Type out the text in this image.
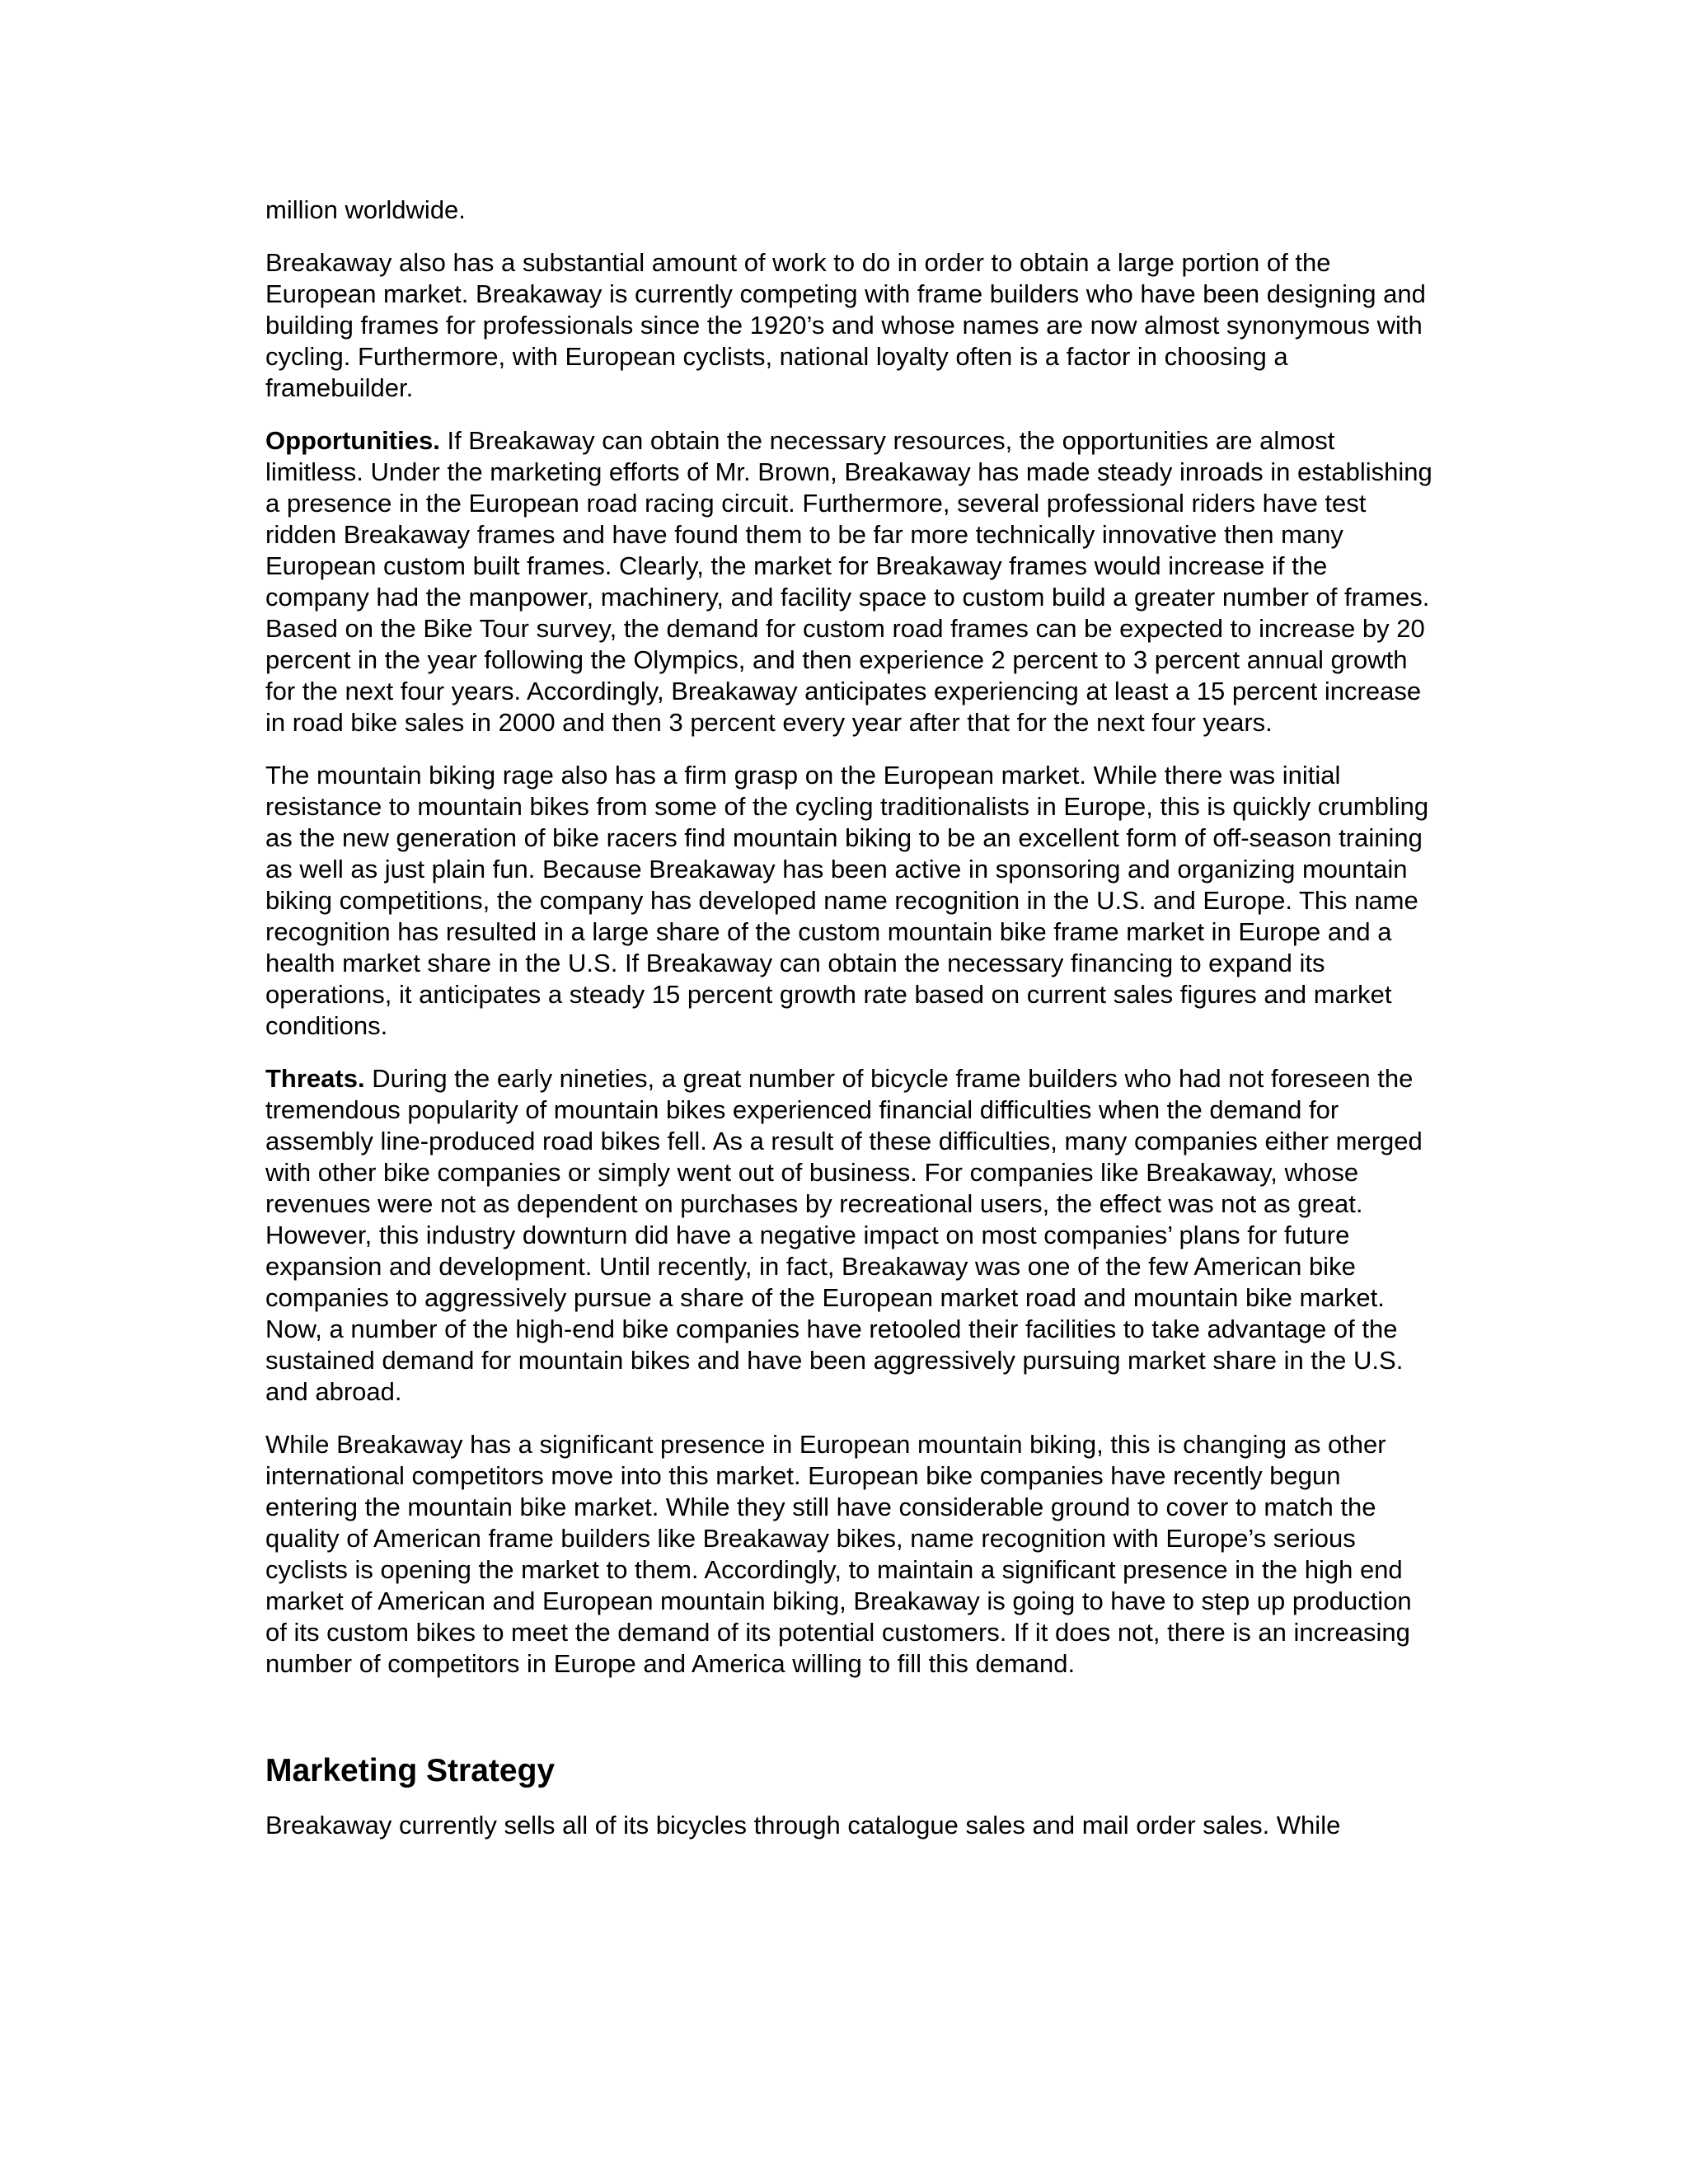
million worldwide.

Breakaway also has a substantial amount of work to do in order to obtain a large portion of the European market. Breakaway is currently competing with frame builders who have been designing and building frames for professionals since the 1920’s and whose names are now almost synonymous with cycling. Furthermore, with European cyclists, national loyalty often is a factor in choosing a framebuilder.

Opportunities. If Breakaway can obtain the necessary resources, the opportunities are almost limitless. Under the marketing efforts of Mr. Brown, Breakaway has made steady inroads in establishing a presence in the European road racing circuit. Furthermore, several professional riders have test ridden Breakaway frames and have found them to be far more technically innovative then many European custom built frames. Clearly, the market for Breakaway frames would increase if the company had the manpower, machinery, and facility space to custom build a greater number of frames. Based on the Bike Tour survey, the demand for custom road frames can be expected to increase by 20 percent in the year following the Olympics, and then experience 2 percent to 3 percent annual growth for the next four years. Accordingly, Breakaway anticipates experiencing at least a 15 percent increase in road bike sales in 2000 and then 3 percent every year after that for the next four years.

The mountain biking rage also has a firm grasp on the European market. While there was initial resistance to mountain bikes from some of the cycling traditionalists in Europe, this is quickly crumbling as the new generation of bike racers find mountain biking to be an excellent form of off-season training as well as just plain fun. Because Breakaway has been active in sponsoring and organizing mountain biking competitions, the company has developed name recognition in the U.S. and Europe. This name recognition has resulted in a large share of the custom mountain bike frame market in Europe and a health market share in the U.S. If Breakaway can obtain the necessary financing to expand its operations, it anticipates a steady 15 percent growth rate based on current sales figures and market conditions.

Threats. During the early nineties, a great number of bicycle frame builders who had not foreseen the tremendous popularity of mountain bikes experienced financial difficulties when the demand for assembly line-produced road bikes fell. As a result of these difficulties, many companies either merged with other bike companies or simply went out of business. For companies like Breakaway, whose revenues were not as dependent on purchases by recreational users, the effect was not as great. However, this industry downturn did have a negative impact on most companies’ plans for future expansion and development. Until recently, in fact, Breakaway was one of the few American bike companies to aggressively pursue a share of the European market road and mountain bike market. Now, a number of the high-end bike companies have retooled their facilities to take advantage of the sustained demand for mountain bikes and have been aggressively pursuing market share in the U.S. and abroad.

While Breakaway has a significant presence in European mountain biking, this is changing as other international competitors move into this market. European bike companies have recently begun entering the mountain bike market. While they still have considerable ground to cover to match the quality of American frame builders like Breakaway bikes, name recognition with Europe’s serious cyclists is opening the market to them. Accordingly, to maintain a significant presence in the high end market of American and European mountain biking, Breakaway is going to have to step up production of its custom bikes to meet the demand of its potential customers. If it does not, there is an increasing number of competitors in Europe and America willing to fill this demand.

Marketing Strategy

Breakaway currently sells all of its bicycles through catalogue sales and mail order sales. While
